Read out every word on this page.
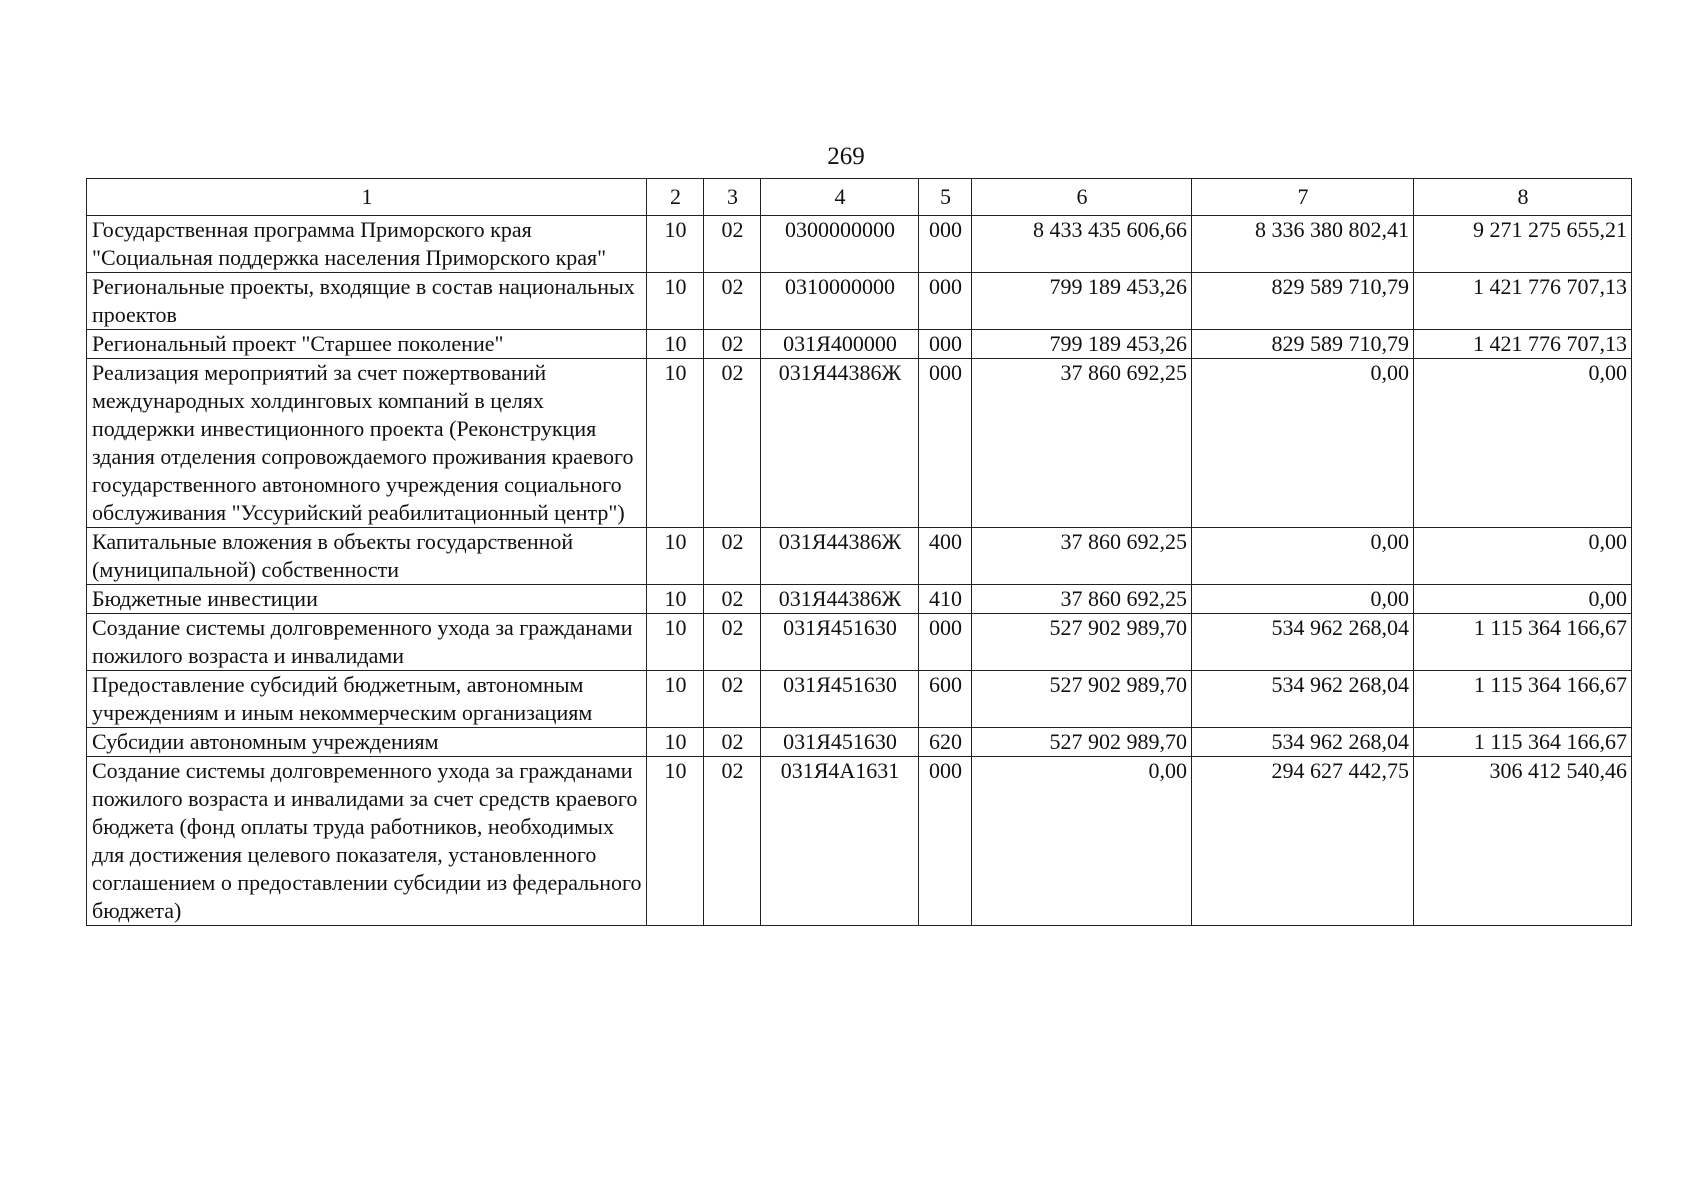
269
1	2	3	4	5	6	7	8
Государственная программа Приморского края "Социальная поддержка населения Приморского края"	10	02	0300000000	000	8 433 435 606,66	8 336 380 802,41	9 271 275 655,21
Региональные проекты, входящие в состав национальных проектов	10	02	0310000000	000	799 189 453,26	829 589 710,79	1 421 776 707,13
Региональный проект "Старшее поколение"	10	02	031Я400000	000	799 189 453,26	829 589 710,79	1 421 776 707,13
Реализация мероприятий за счет пожертвований международных холдинговых компаний в целях поддержки инвестиционного проекта (Реконструкция здания отделения сопровождаемого проживания краевого государственного автономного учреждения социального обслуживания "Уссурийский реабилитационный центр")	10	02	031Я44386Ж	000	37 860 692,25	0,00	0,00
Капитальные вложения в объекты государственной (муниципальной) собственности	10	02	031Я44386Ж	400	37 860 692,25	0,00	0,00
Бюджетные инвестиции	10	02	031Я44386Ж	410	37 860 692,25	0,00	0,00
Создание системы долговременного ухода за гражданами пожилого возраста и инвалидами	10	02	031Я451630	000	527 902 989,70	534 962 268,04	1 115 364 166,67
Предоставление субсидий бюджетным, автономным учреждениям и иным некоммерческим организациям	10	02	031Я451630	600	527 902 989,70	534 962 268,04	1 115 364 166,67
Субсидии автономным учреждениям	10	02	031Я451630	620	527 902 989,70	534 962 268,04	1 115 364 166,67
Создание системы долговременного ухода за гражданами пожилого возраста и инвалидами за счет средств краевого бюджета (фонд оплаты труда работников, необходимых для достижения целевого показателя, установленного соглашением о предоставлении субсидии из федерального бюджета)	10	02	031Я4А1631	000	0,00	294 627 442,75	306 412 540,46
